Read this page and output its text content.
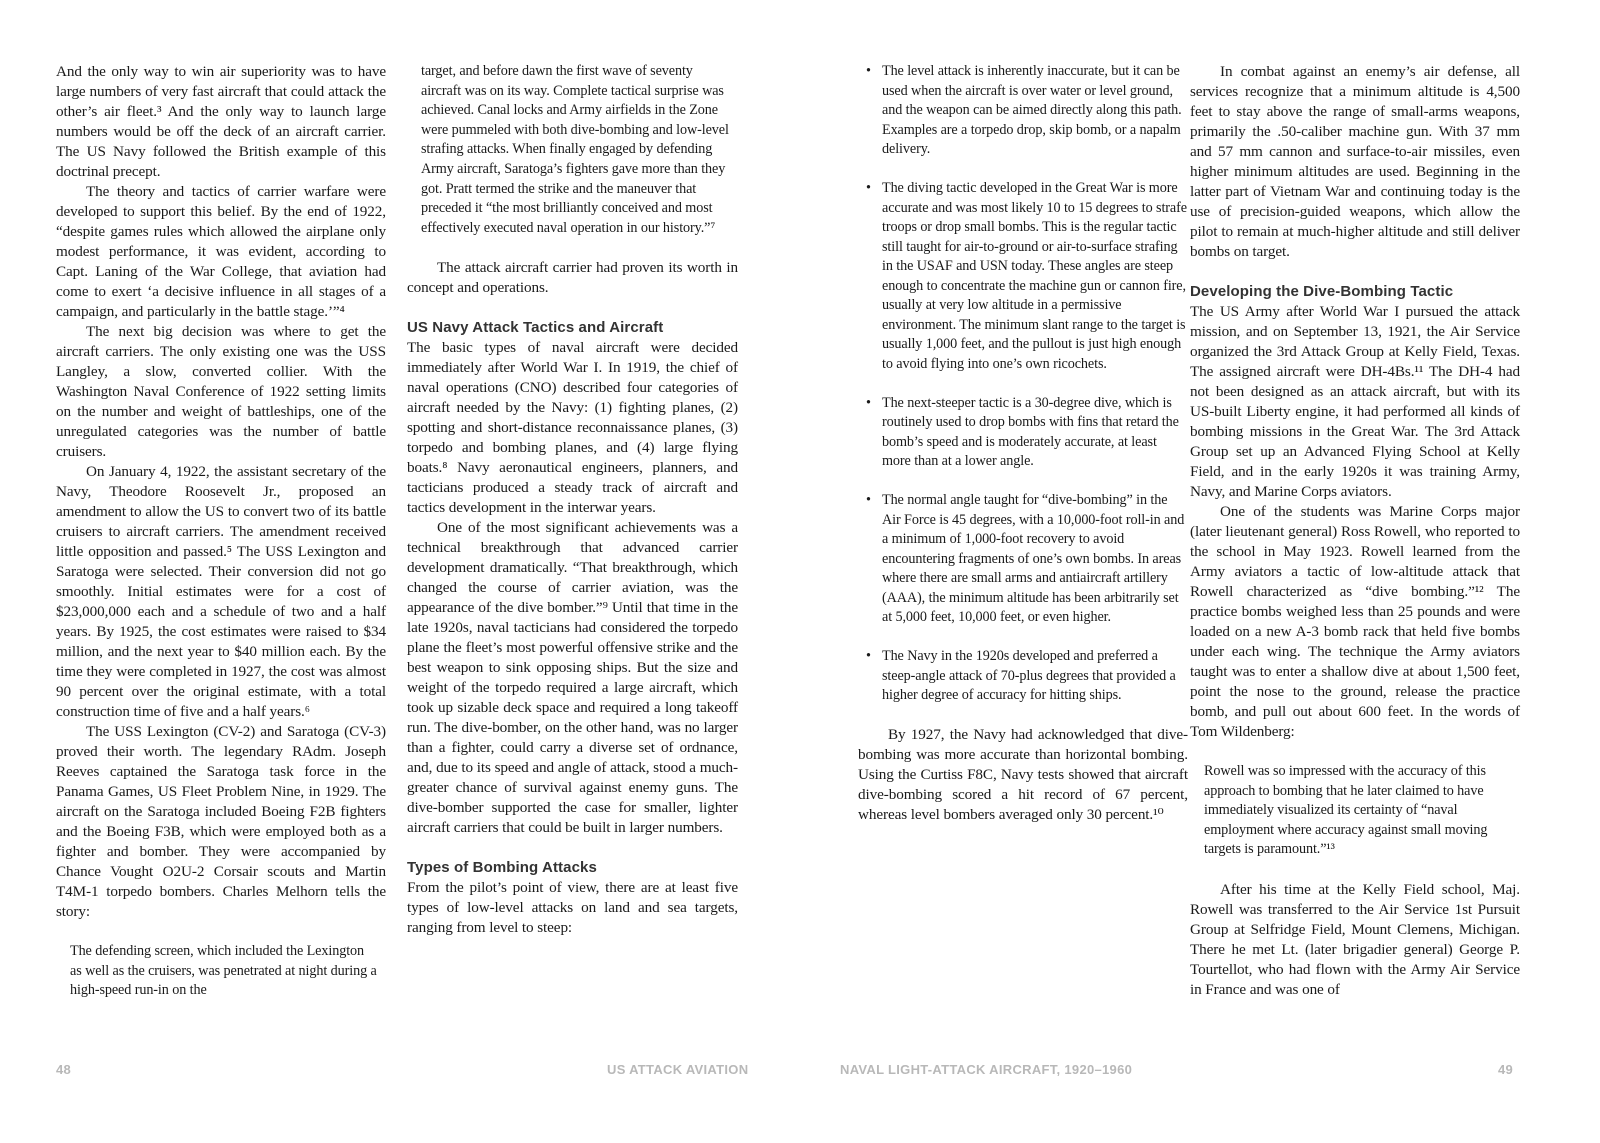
And the only way to win air superiority was to have large numbers of very fast aircraft that could attack the other’s air fleet.³ And the only way to launch large numbers would be off the deck of an aircraft carrier. The US Navy followed the British example of this doctrinal precept.

The theory and tactics of carrier warfare were developed to support this belief. By the end of 1922, “despite games rules which allowed the airplane only modest performance, it was evident, according to Capt. Laning of the War College, that aviation had come to exert ‘a decisive influence in all stages of a campaign, and particularly in the battle stage.’”⁴

The next big decision was where to get the aircraft carriers. The only existing one was the USS Langley, a slow, converted collier. With the Washington Naval Conference of 1922 setting limits on the number and weight of battleships, one of the unregulated categories was the number of battle cruisers.

On January 4, 1922, the assistant secretary of the Navy, Theodore Roosevelt Jr., proposed an amendment to allow the US to convert two of its battle cruisers to aircraft carriers. The amendment received little opposition and passed.⁵ The USS Lexington and Saratoga were selected. Their conversion did not go smoothly. Initial estimates were for a cost of $23,000,000 each and a schedule of two and a half years. By 1925, the cost estimates were raised to $34 million, and the next year to $40 million each. By the time they were completed in 1927, the cost was almost 90 percent over the original estimate, with a total construction time of five and a half years.⁶

The USS Lexington (CV-2) and Saratoga (CV-3) proved their worth. The legendary RAdm. Joseph Reeves captained the Saratoga task force in the Panama Games, US Fleet Problem Nine, in 1929. The aircraft on the Saratoga included Boeing F2B fighters and the Boeing F3B, which were employed both as a fighter and bomber. They were accompanied by Chance Vought O2U-2 Corsair scouts and Martin T4M-1 torpedo bombers. Charles Melhorn tells the story:

The defending screen, which included the Lexington as well as the cruisers, was penetrated at night during a high-speed run-in on the

target, and before dawn the first wave of seventy aircraft was on its way. Complete tactical surprise was achieved. Canal locks and Army airfields in the Zone were pummeled with both dive-bombing and low-level strafing attacks. When finally engaged by defending Army aircraft, Saratoga’s fighters gave more than they got. Pratt termed the strike and the maneuver that preceded it “the most brilliantly conceived and most effectively executed naval operation in our history.”⁷

The attack aircraft carrier had proven its worth in concept and operations.

US Navy Attack Tactics and Aircraft

The basic types of naval aircraft were decided immediately after World War I. In 1919, the chief of naval operations (CNO) described four categories of aircraft needed by the Navy: (1) fighting planes, (2) spotting and short-distance reconnaissance planes, (3) torpedo and bombing planes, and (4) large flying boats.⁸ Navy aeronautical engineers, planners, and tacticians produced a steady track of aircraft and tactics development in the interwar years.

One of the most significant achievements was a technical breakthrough that advanced carrier development dramatically. “That breakthrough, which changed the course of carrier aviation, was the appearance of the dive bomber.”⁹ Until that time in the late 1920s, naval tacticians had considered the torpedo plane the fleet’s most powerful offensive strike and the best weapon to sink opposing ships. But the size and weight of the torpedo required a large aircraft, which took up sizable deck space and required a long takeoff run. The dive-bomber, on the other hand, was no larger than a fighter, could carry a diverse set of ordnance, and, due to its speed and angle of attack, stood a much-greater chance of survival against enemy guns. The dive-bomber supported the case for smaller, lighter aircraft carriers that could be built in larger numbers.

Types of Bombing Attacks

From the pilot’s point of view, there are at least five types of low-level attacks on land and sea targets, ranging from level to steep:

• The level attack is inherently inaccurate, but it can be used when the aircraft is over water or level ground, and the weapon can be aimed directly along this path. Examples are a torpedo drop, skip bomb, or a napalm delivery.
• The diving tactic developed in the Great War is more accurate and was most likely 10 to 15 degrees to strafe troops or drop small bombs. This is the regular tactic still taught for air-to-ground or air-to-surface strafing in the USAF and USN today. These angles are steep enough to concentrate the machine gun or cannon fire, usually at very low altitude in a permissive environment. The minimum slant range to the target is usually 1,000 feet, and the pullout is just high enough to avoid flying into one’s own ricochets.
• The next-steeper tactic is a 30-degree dive, which is routinely used to drop bombs with fins that retard the bomb’s speed and is moderately accurate, at least more than at a lower angle.
• The normal angle taught for “dive-bombing” in the Air Force is 45 degrees, with a 10,000-foot roll-in and a minimum of 1,000-foot recovery to avoid encountering fragments of one’s own bombs. In areas where there are small arms and antiaircraft artillery (AAA), the minimum altitude has been arbitrarily set at 5,000 feet, 10,000 feet, or even higher.
• The Navy in the 1920s developed and preferred a steep-angle attack of 70-plus degrees that provided a higher degree of accuracy for hitting ships.

By 1927, the Navy had acknowledged that dive-bombing was more accurate than horizontal bombing. Using the Curtiss F8C, Navy tests showed that aircraft dive-bombing scored a hit record of 67 percent, whereas level bombers averaged only 30 percent.¹⁰

In combat against an enemy’s air defense, all services recognize that a minimum altitude is 4,500 feet to stay above the range of small-arms weapons, primarily the .50-caliber machine gun. With 37 mm and 57 mm cannon and surface-to-air missiles, even higher minimum altitudes are used. Beginning in the latter part of Vietnam War and continuing today is the use of precision-guided weapons, which allow the pilot to remain at much-higher altitude and still deliver bombs on target.

Developing the Dive-Bombing Tactic

The US Army after World War I pursued the attack mission, and on September 13, 1921, the Air Service organized the 3rd Attack Group at Kelly Field, Texas. The assigned aircraft were DH-4Bs.¹¹ The DH-4 had not been designed as an attack aircraft, but with its US-built Liberty engine, it had performed all kinds of bombing missions in the Great War. The 3rd Attack Group set up an Advanced Flying School at Kelly Field, and in the early 1920s it was training Army, Navy, and Marine Corps aviators.

One of the students was Marine Corps major (later lieutenant general) Ross Rowell, who reported to the school in May 1923. Rowell learned from the Army aviators a tactic of low-altitude attack that Rowell characterized as “dive bombing.”¹² The practice bombs weighed less than 25 pounds and were loaded on a new A-3 bomb rack that held five bombs under each wing. The technique the Army aviators taught was to enter a shallow dive at about 1,500 feet, point the nose to the ground, release the practice bomb, and pull out about 600 feet. In the words of Tom Wildenberg:

Rowell was so impressed with the accuracy of this approach to bombing that he later claimed to have immediately visualized its certainty of “naval employment where accuracy against small moving targets is paramount.”¹³

After his time at the Kelly Field school, Maj. Rowell was transferred to the Air Service 1st Pursuit Group at Selfridge Field, Mount Clemens, Michigan. There he met Lt. (later brigadier general) George P. Tourtellot, who had flown with the Army Air Service in France and was one of

48	US ATTACK AVIATION	NAVAL LIGHT-ATTACK AIRCRAFT, 1920–1960	49
